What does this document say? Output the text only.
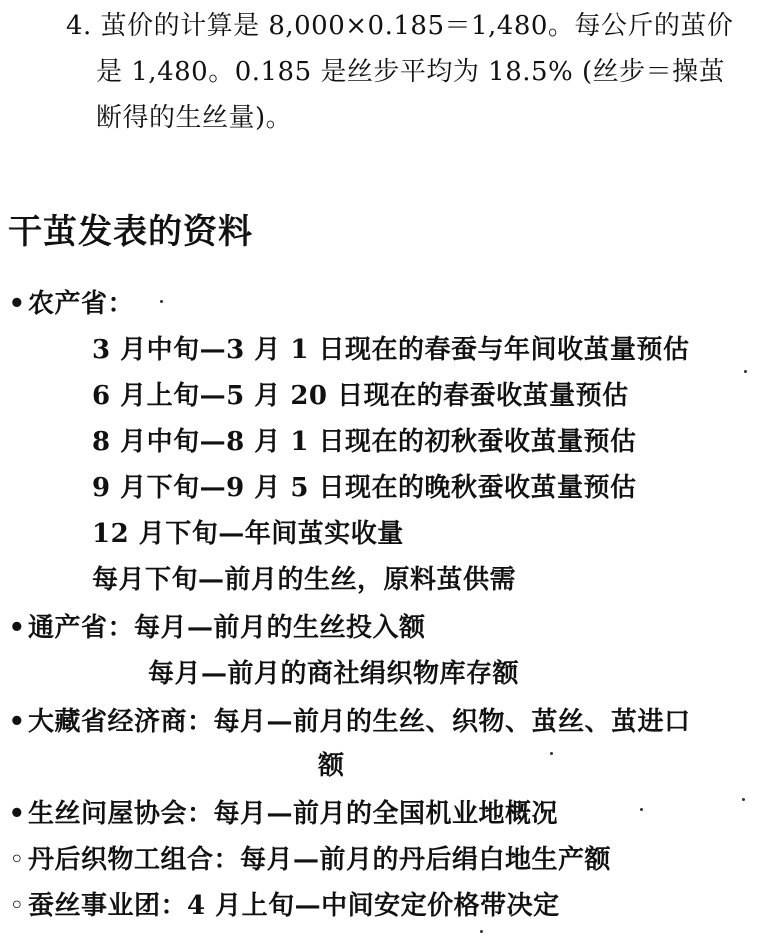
4. 茧价的计算是 8,000×0.185＝1,480。每公斤的茧价
是 1,480。0.185 是丝步平均为 18.5% (丝步＝操茧
断得的生丝量)。
干茧发表的资料
•农产省：
3 月中旬—3 月 1 日现在的春蚕与年间收茧量预估
6 月上旬—5 月 20 日现在的春蚕收茧量预估
8 月中旬—8 月 1 日现在的初秋蚕收茧量预估
9 月下旬—9 月 5 日现在的晚秋蚕收茧量预估
12 月下旬—年间茧实收量
每月下旬—前月的生丝，原料茧供需
•通产省：每月—前月的生丝投入额
每月—前月的商社绢织物库存额
•大藏省经济商：每月—前月的生丝、织物、茧丝、茧进口
额
•生丝问屋协会：每月—前月的全国机业地概况
◦ 丹后织物工组合：每月—前月的丹后绢白地生产额
◦ 蚕丝事业团：4 月上旬—中间安定价格带决定
